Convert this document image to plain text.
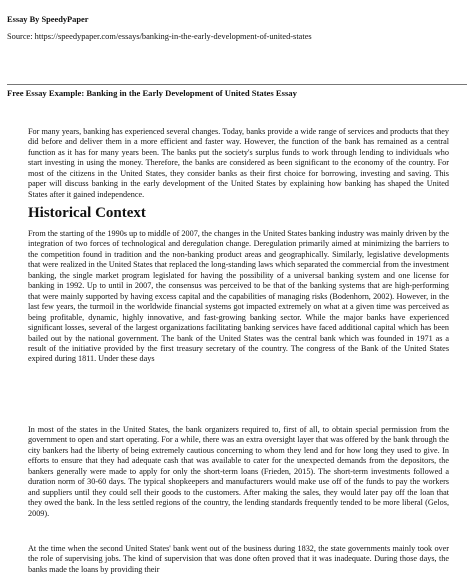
Essay By SpeedyPaper
Source: https://speedypaper.com/essays/banking-in-the-early-development-of-united-states
Free Essay Example: Banking in the Early Development of United States Essay

For many years, banking has experienced several changes. Today, banks provide a wide range of services and products that they did before and deliver them in a more efficient and faster way. However, the function of the bank has remained as a central function as it has for many years been. The banks put the society's surplus funds to work through lending to individuals who start investing in using the money. Therefore, the banks are considered as been significant to the economy of the country. For most of the citizens in the United States, they consider banks as their first choice for borrowing, investing and saving. This paper will discuss banking in the early development of the United States by explaining how banking has shaped the United States after it gained independence.

Historical Context

From the starting of the 1990s up to middle of 2007, the changes in the United States banking industry was mainly driven by the integration of two forces of technological and deregulation change. Deregulation primarily aimed at minimizing the barriers to the competition found in tradition and the non-banking product areas and geographically. Similarly, legislative developments that were realized in the United States that replaced the long-standing laws which separated the commercial from the investment banking, the single market program legislated for having the possibility of a universal banking system and one license for banking in 1992. Up to until in 2007, the consensus was perceived to be that of the banking systems that are high-performing that were mainly supported by having excess capital and the capabilities of managing risks (Bodenhorn, 2002). However, in the last few years, the turmoil in the worldwide financial systems got impacted extremely on what at a given time was perceived as being profitable, dynamic, highly innovative, and fast-growing banking sector. While the major banks have experienced significant losses, several of the largest organizations facilitating banking services have faced additional capital which has been bailed out by the national government. The bank of the United States was the central bank which was founded in 1971 as a result of the initiative provided by the first treasury secretary of the country. The congress of the Bank of the United States expired during 1811. Under these days

In most of the states in the United States, the bank organizers required to, first of all, to obtain special permission from the government to open and start operating. For a while, there was an extra oversight layer that was offered by the bank through the city bankers had the liberty of being extremely cautious concerning to whom they lend and for how long they used to give. In efforts to ensure that they had adequate cash that was available to cater for the unexpected demands from the depositors, the bankers generally were made to apply for only the short-term loans (Frieden, 2015). The short-term investments followed a duration norm of 30-60 days. The typical shopkeepers and manufacturers would make use off of the funds to pay the workers and suppliers until they could sell their goods to the customers. After making the sales, they would later pay off the loan that they owed the bank. In the less settled regions of the country, the lending standards frequently tended to be more liberal (Gelos, 2009).

At the time when the second United States' bank went out of the business during 1832, the state governments mainly took over the role of supervising jobs. The kind of supervision that was done often proved that it was inadequate. During those days, the banks made the loans by providing their
